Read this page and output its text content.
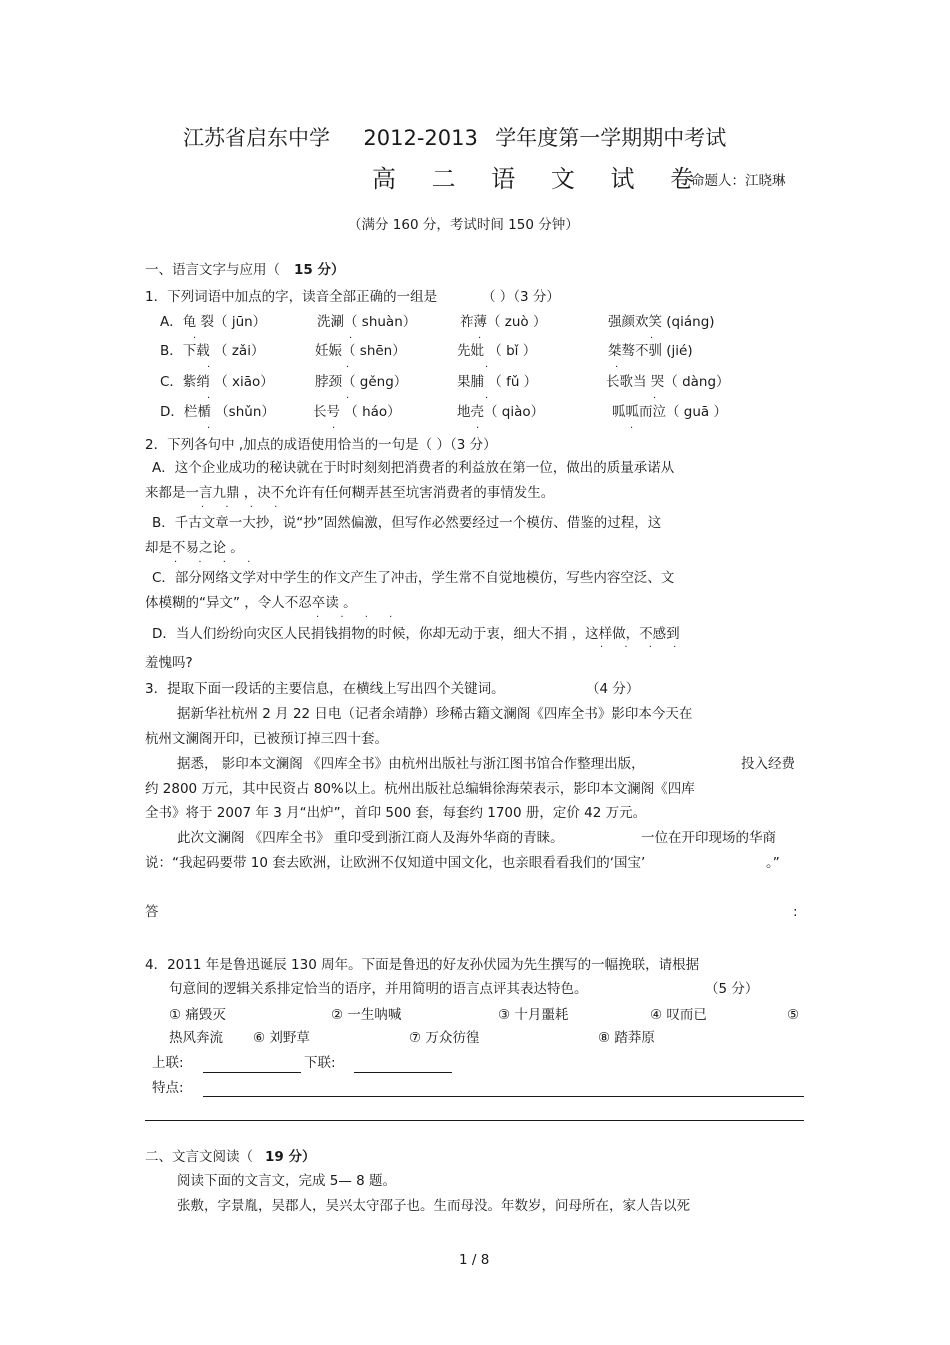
江苏省启东中学 2012-2013 学年度第一学期期中考试
高 二 语 文 试 卷
命题人：江晓琳
（满分 160 分，考试时间 150 分钟）
一、语言文字与应用（ 15 分）
1．下列词语中加点的字，读音全部正确的一组是	（ ）（3 分）
A．龟 裂（ jūn）	洗涮（ shuàn）	祚薄（ zuò ）	强颜欢笑 (qiáng)
B．下载 （ zǎi）	妊娠（ shēn）	先妣 （ bǐ ）	桀骜不驯 (jié)
C．紫绡 （ xiāo）	脖颈（ gěng）	果脯 （ fǔ ）	长歌当 哭（ dàng）
D．栏楯 （shǔn）	长号 （ háo）	地壳（ qiào）	呱呱而泣（ guā ）
·	·	·	·
·	·	·	·
·	·	·	·
·	·	·	·
2．下列各句中 ,加点的成语使用恰当的一句是（ ）（3 分）
A．这个企业成功的秘诀就在于时时刻刻把消费者的利益放在第一位，做出的质量承诺从
来都是一言九鼎 ，决不允许有任何糊弄甚至坑害消费者的事情发生。
· · · ·
B．千古文章一大抄，说“抄”固然偏激，但写作必然要经过一个模仿、借鉴的过程，这
却是不易之论 。
· · · ·
C．部分网络文学对中学生的作文产生了冲击，学生常不自觉地模仿，写些内容空泛、文
体模糊的“异文” ，令人不忍卒读 。
· · · ·
D．当人们纷纷向灾区人民捐钱捐物的时候，你却无动于衷，细大不捐 ，这样做，不感到
· · · ·
羞愧吗?
3．提取下面一段话的主要信息，在横线上写出四个关键词。	（4 分）
据新华社杭州 2 月 22 日电（记者余靖静）珍稀古籍文澜阁《四库全书》影印本今天在
杭州文澜阁开印，已被预订掉三四十套。
据悉， 影印本文澜阁 《四库全书》由杭州出版社与浙江图书馆合作整理出版，	投入经费
约 2800 万元，其中民资占 80%以上。杭州出版社总编辑徐海荣表示，影印本文澜阁《四库
全书》将于 2007 年 3 月“出炉”，首印 500 套，每套约 1700 册，定价 42 万元。
此次文澜阁 《四库全书》 重印受到浙江商人及海外华商的青睐。	一位在开印现场的华商
说：“我起码要带 10 套去欧洲，让欧洲不仅知道中国文化，也亲眼看看我们的‘国宝’	。”
答	:
4．2011 年是鲁迅诞辰 130 周年。下面是鲁迅的好友孙伏园为先生撰写的一幅挽联，请根据
句意间的逻辑关系排定恰当的语序，并用简明的语言点评其表达特色。	（5 分）
① 痛毁灭	② 一生呐喊	③ 十月噩耗	④ 叹而已	⑤
热风奔流 ⑥ 刘野草	⑦ 万众彷徨	⑧ 踏莽原
上联:	下联:
特点:
二、文言文阅读（ 19 分）
阅读下面的文言文，完成 5— 8 题。
张敷，字景胤，吴郡人，吴兴太守邵子也。生而母没。年数岁，问母所在，家人告以死
1 / 8
